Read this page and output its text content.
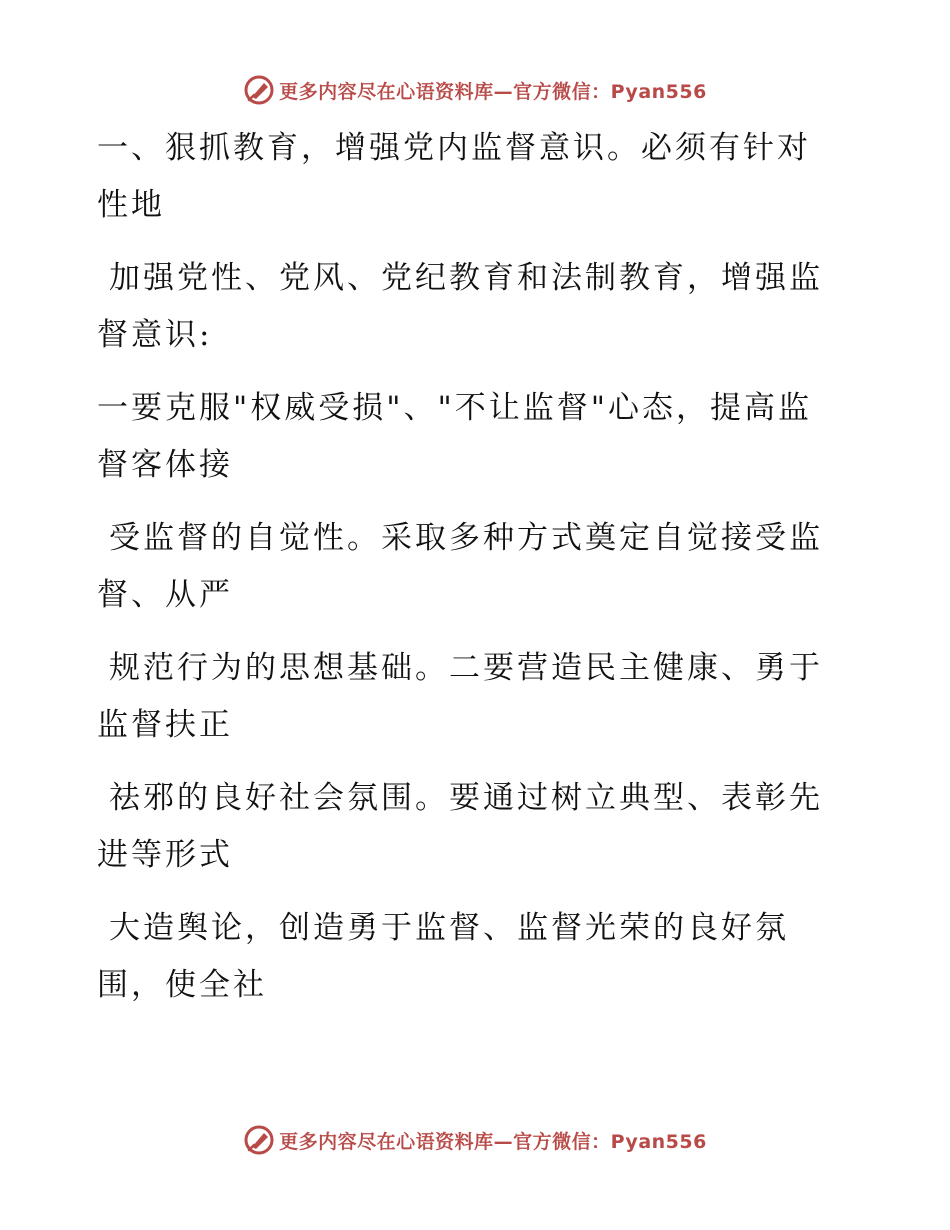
更多内容尽在心语资料库—官方微信：Pyan556

一、狠抓教育，增强党内监督意识。必须有针对
性地

加强党性、党风、党纪教育和法制教育，增强监
督意识:

一要克服"权威受损"、"不让监督"心态，提高监
督客体接

受监督的自觉性。采取多种方式奠定自觉接受监
督、从严

规范行为的思想基础。二要营造民主健康、勇于
监督扶正

祛邪的良好社会氛围。要通过树立典型、表彰先
进等形式

大造舆论，创造勇于监督、监督光荣的良好氛
围，使全社

更多内容尽在心语资料库—官方微信：Pyan556
